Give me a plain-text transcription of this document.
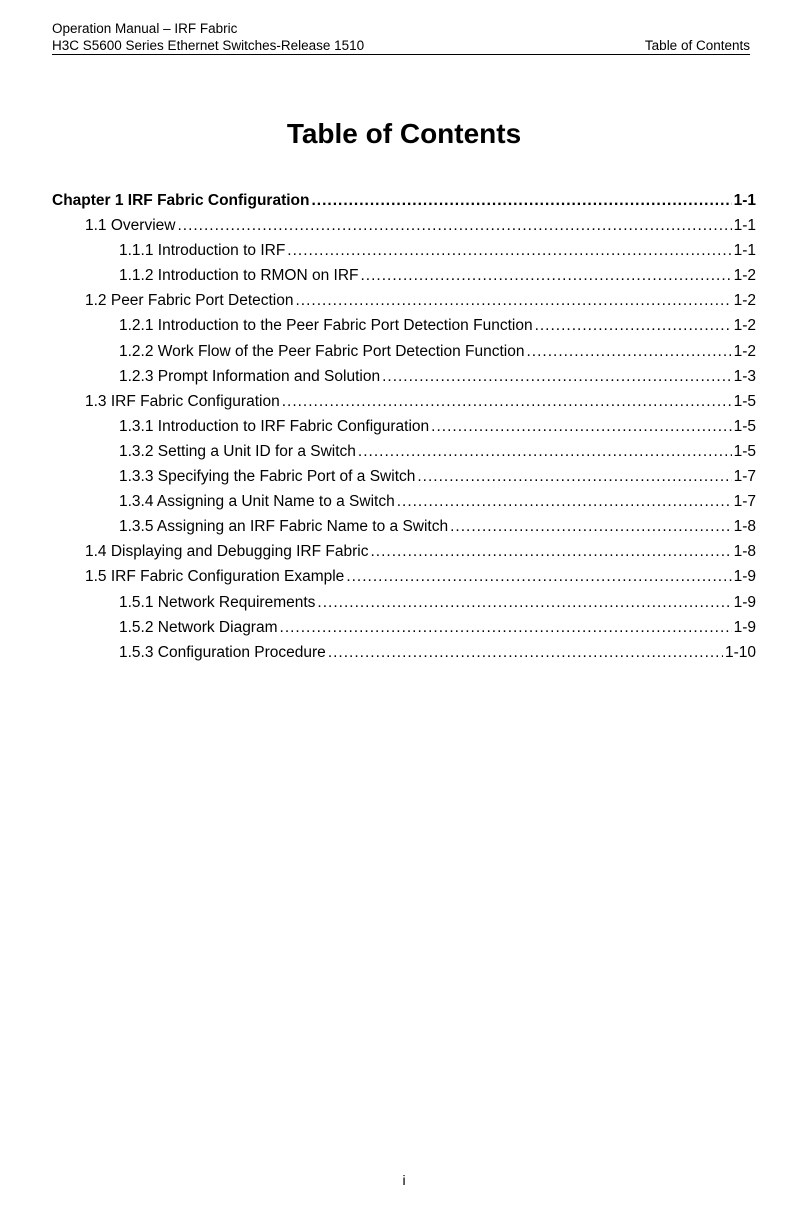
Operation Manual – IRF Fabric
H3C S5600 Series Ethernet Switches-Release 1510	Table of Contents
Table of Contents
Chapter 1 IRF Fabric Configuration .....	1-1
1.1 Overview .....	1-1
1.1.1 Introduction to IRF .....	1-1
1.1.2 Introduction to RMON on IRF .....	1-2
1.2 Peer Fabric Port Detection .....	1-2
1.2.1 Introduction to the Peer Fabric Port Detection Function .....	1-2
1.2.2 Work Flow of the Peer Fabric Port Detection Function .....	1-2
1.2.3 Prompt Information and Solution .....	1-3
1.3 IRF Fabric Configuration .....	1-5
1.3.1 Introduction to IRF Fabric Configuration .....	1-5
1.3.2 Setting a Unit ID for a Switch .....	1-5
1.3.3 Specifying the Fabric Port of a Switch .....	1-7
1.3.4 Assigning a Unit Name to a Switch .....	1-7
1.3.5 Assigning an IRF Fabric Name to a Switch .....	1-8
1.4 Displaying and Debugging IRF Fabric .....	1-8
1.5 IRF Fabric Configuration Example .....	1-9
1.5.1 Network Requirements .....	1-9
1.5.2 Network Diagram .....	1-9
1.5.3 Configuration Procedure .....	1-10
i
